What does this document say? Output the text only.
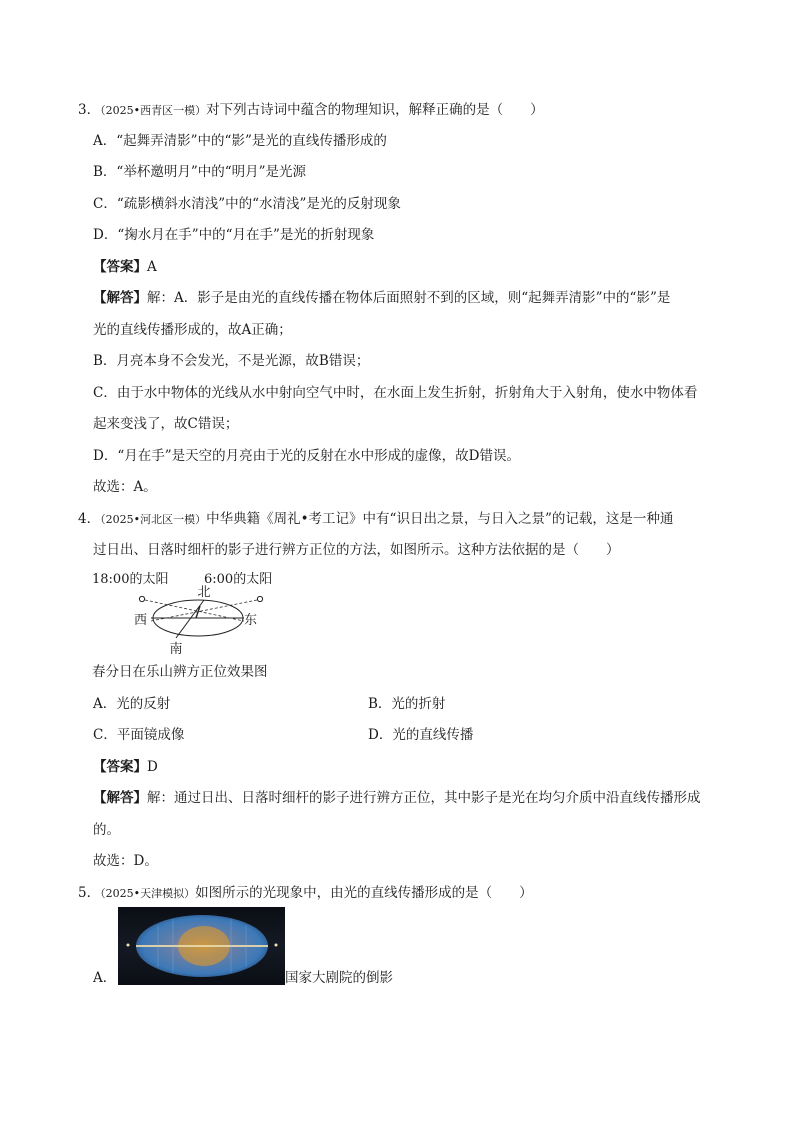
3．（2025•西青区一模）对下列古诗词中蕴含的物理知识，解释正确的是（　　）
A．“起舞弄清影”中的“影”是光的直线传播形成的
B．“举杯邀明月”中的“明月”是光源
C．“疏影横斜水清浅”中的“水清浅”是光的反射现象
D．“掬水月在手”中的“月在手”是光的折射现象
【答案】A
【解答】解：A．影子是由光的直线传播在物体后面照射不到的区域，则“起舞弄清影”中的“影”是
光的直线传播形成的，故A正确；
B．月亮本身不会发光，不是光源，故B错误；
C．由于水中物体的光线从水中射向空气中时，在水面上发生折射，折射角大于入射角，使水中物体看
起来变浅了，故C错误；
D．“月在手”是天空的月亮由于光的反射在水中形成的虚像，故D错误。
故选：A。
4．（2025•河北区一模）中华典籍《周礼•考工记》中有“识日出之景，与日入之景”的记载，这是一种通
过日出、日落时细杆的影子进行辨方正位的方法，如图所示。这种方法依据的是（　　）
18:00的太阳	6:00的太阳
北
西	东
南
春分日在乐山辨方正位效果图
A．光的反射	B．光的折射
C．平面镜成像	D．光的直线传播
【答案】D
【解答】解：通过日出、日落时细杆的影子进行辨方正位，其中影子是光在均匀介质中沿直线传播形成
的。
故选：D。
5．（2025•天津模拟）如图所示的光现象中，由光的直线传播形成的是（　　）
A．	国家大剧院的倒影
